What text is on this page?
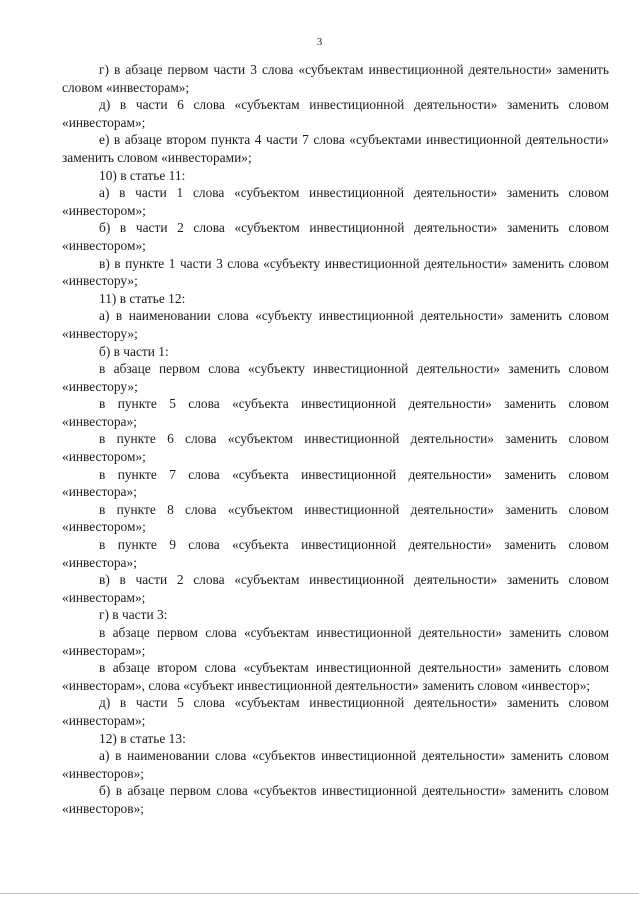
3

г) в абзаце первом части 3 слова «субъектам инвестиционной деятельности» заменить словом «инвесторам»;

д) в части 6 слова «субъектам инвестиционной деятельности» заменить словом «инвесторам»;

е) в абзаце втором пункта 4 части 7 слова «субъектами инвестиционной деятельности» заменить словом «инвесторами»;

10) в статье 11:

а) в части 1 слова «субъектом инвестиционной деятельности» заменить словом «инвестором»;

б) в части 2 слова «субъектом инвестиционной деятельности» заменить словом «инвестором»;

в) в пункте 1 части 3 слова «субъекту инвестиционной деятельности» заменить словом «инвестору»;

11) в статье 12:

а) в наименовании слова «субъекту инвестиционной деятельности» заменить словом «инвестору»;

б) в части 1:

в абзаце первом слова «субъекту инвестиционной деятельности» заменить словом «инвестору»;

в пункте 5 слова «субъекта инвестиционной деятельности» заменить словом «инвестора»;

в пункте 6 слова «субъектом инвестиционной деятельности» заменить словом «инвестором»;

в пункте 7 слова «субъекта инвестиционной деятельности» заменить словом «инвестора»;

в пункте 8 слова «субъектом инвестиционной деятельности» заменить словом «инвестором»;

в пункте 9 слова «субъекта инвестиционной деятельности» заменить словом «инвестора»;

в) в части 2 слова «субъектам инвестиционной деятельности» заменить словом «инвесторам»;

г) в части 3:

в абзаце первом слова «субъектам инвестиционной деятельности» заменить словом «инвесторам»;

в абзаце втором слова «субъектам инвестиционной деятельности» заменить словом «инвесторам», слова «субъект инвестиционной деятельности» заменить словом «инвестор»;

д) в части 5 слова «субъектам инвестиционной деятельности» заменить словом «инвесторам»;

12) в статье 13:

а) в наименовании слова «субъектов инвестиционной деятельности» заменить словом «инвесторов»;

б) в абзаце первом слова «субъектов инвестиционной деятельности» заменить словом «инвесторов»;
